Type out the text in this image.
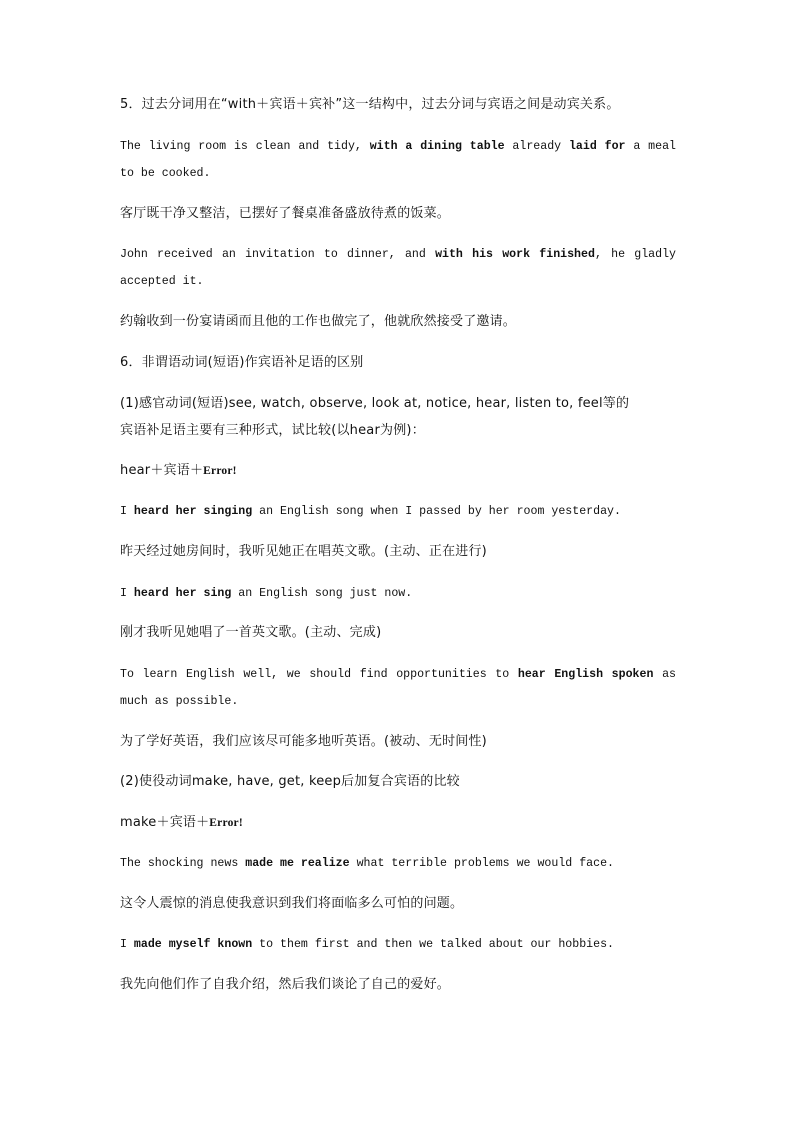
5．过去分词用在“with＋宾语＋宾补”这一结构中，过去分词与宾语之间是动宾关系。

The living room is clean and tidy, with a dining table already laid for a meal to be cooked.

客厅既干净又整洁，已摆好了餐桌准备盛放待煮的饭菜。

John received an invitation to dinner, and with his work finished, he gladly accepted it.

约翰收到一份宴请函而且他的工作也做完了，他就欣然接受了邀请。

6．非谓语动词(短语)作宾语补足语的区别

(1)感官动词(短语)see, watch, observe, look at, notice, hear, listen to, feel等的

宾语补足语主要有三种形式，试比较(以hear为例)：

hear＋宾语＋Error!

I heard her singing an English song when I passed by her room yesterday.

昨天经过她房间时，我听见她正在唱英文歌。(主动、正在进行)

I heard her sing an English song just now.

刚才我听见她唱了一首英文歌。(主动、完成)

To learn English well, we should find opportunities to hear English spoken as much as possible.

为了学好英语，我们应该尽可能多地听英语。(被动、无时间性)

(2)使役动词make, have, get, keep后加复合宾语的比较

make＋宾语＋Error!

The shocking news made me realize what terrible problems we would face.

这令人震惊的消息使我意识到我们将面临多么可怕的问题。

I made myself known to them first and then we talked about our hobbies.

我先向他们作了自我介绍，然后我们谈论了自己的爱好。
